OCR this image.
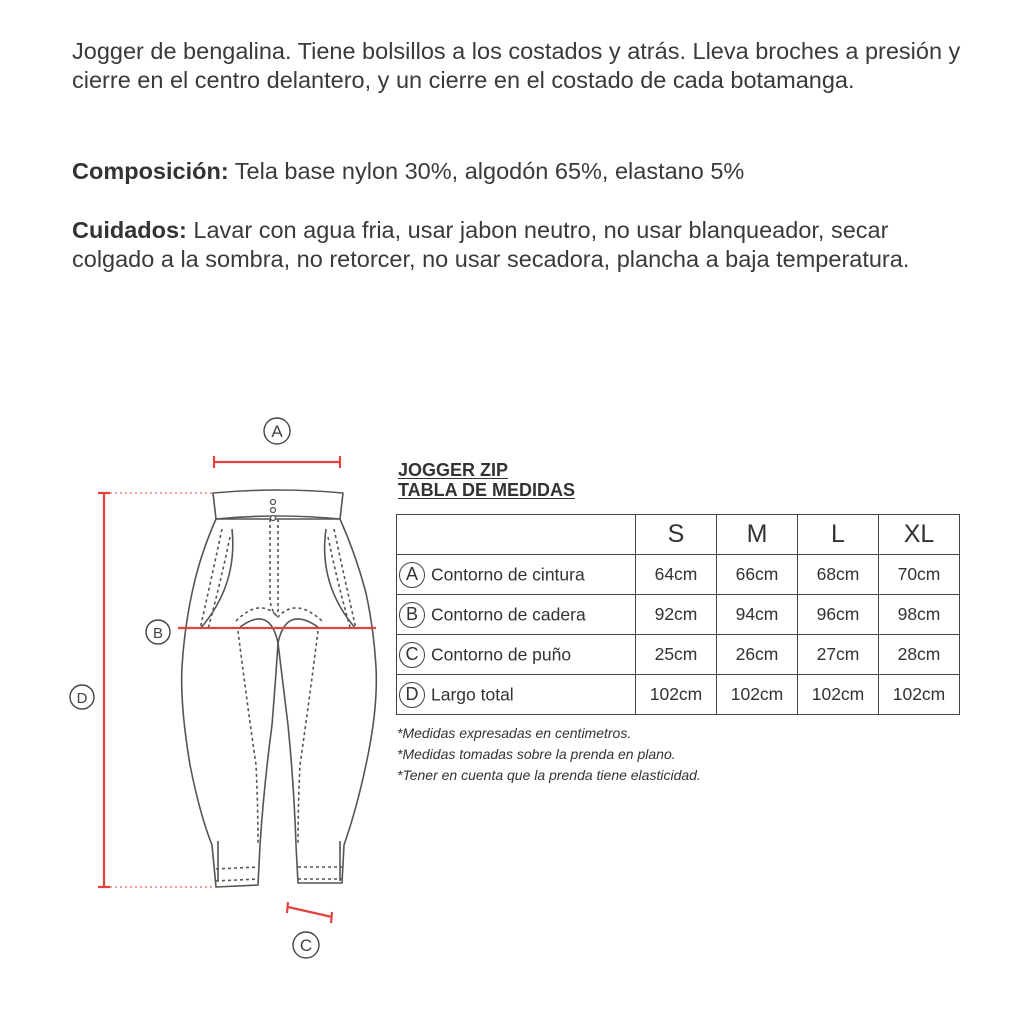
Jogger de bengalina. Tiene bolsillos a los costados y atrás. Lleva broches a presión y cierre en el centro delantero, y un cierre en el costado de cada botamanga.

Composición: Tela base nylon 30%, algodón 65%, elastano 5%

Cuidados: Lavar con agua fria, usar jabon neutro, no usar blanqueador, secar colgado a la sombra, no retorcer, no usar secadora, plancha a baja temperatura.

A
B
D
C
JOGGER ZIP
TABLA DE MEDIDAS
	S	M	L	XL
A Contorno de cintura	64cm	66cm	68cm	70cm
B Contorno de cadera	92cm	94cm	96cm	98cm
C Contorno de puño	25cm	26cm	27cm	28cm
D Largo total	102cm	102cm	102cm	102cm

*Medidas expresadas en centimetros.

*Medidas tomadas sobre la prenda en plano.

*Tener en cuenta que la prenda tiene elasticidad.
